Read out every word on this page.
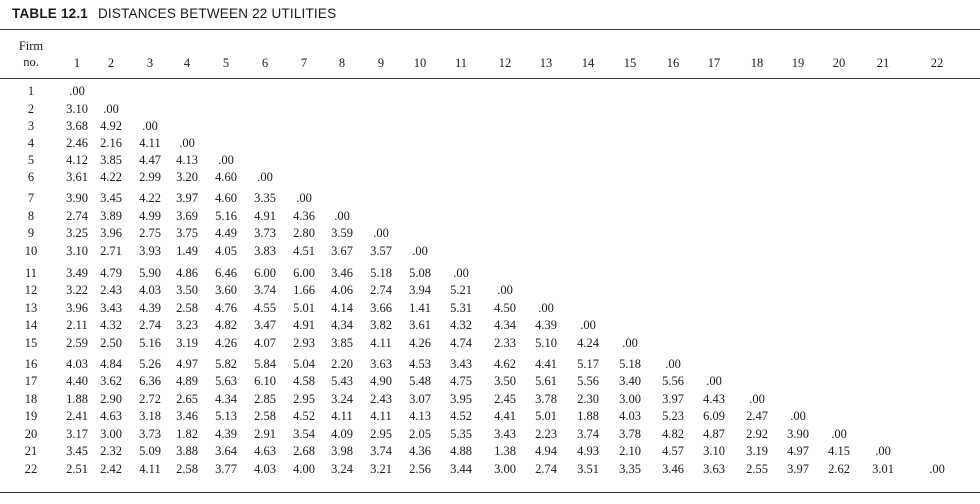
TABLE 12.1 DISTANCES BETWEEN 22 UTILITIES
Firm
no.	1	2	3	4	5	6	7	8	9	10	11	12	13	14	15	16	17	18	19	20	21	22
1	.00
2	3.10	.00
3	3.68 4.92	.00
4	2.46 2.16	4.11	.00
5	4.12 3.85	4.47	4.13	.00
6	3.61 4.22	2.99	3.20	4.60	.00
7	3.90 3.45	4.22	3.97	4.60	3.35	.00
8	2.74 3.89	4.99	3.69	5.16	4.91	4.36	.00
9	3.25 3.96	2.75	3.75	4.49	3.73	2.80	3.59	.00
10	3.10 2.71	3.93	1.49	4.05	3.83	4.51	3.67	3.57	.00
11	3.49 4.79	5.90	4.86	6.46	6.00	6.00	3.46	5.18	5.08	.00
12	3.22 2.43	4.03	3.50	3.60	3.74	1.66	4.06	2.74	3.94	5.21	.00
13	3.96 3.43	4.39	2.58	4.76	4.55	5.01	4.14	3.66	1.41	5.31	4.50	.00
14	2.11 4.32	2.74	3.23	4.82	3.47	4.91	4.34	3.82	3.61	4.32	4.34	4.39	.00
15	2.59 2.50	5.16	3.19	4.26	4.07	2.93	3.85	4.11	4.26	4.74	2.33	5.10	4.24	.00
16	4.03 4.84	5.26	4.97	5.82	5.84	5.04	2.20	3.63	4.53	3.43	4.62	4.41	5.17	5.18	.00
17	4.40 3.62	6.36	4.89	5.63	6.10	4.58	5.43	4.90	5.48	4.75	3.50	5.61	5.56	3.40	5.56	.00
18	1.88 2.90	2.72	2.65	4.34	2.85	2.95	3.24	2.43	3.07	3.95	2.45	3.78	2.30	3.00	3.97	4.43	.00
19	2.41 4.63	3.18	3.46	5.13	2.58	4.52	4.11	4.11	4.13	4.52	4.41	5.01	1.88	4.03	5.23	6.09	2.47	.00
20	3.17 3.00	3.73	1.82	4.39	2.91	3.54	4.09	2.95	2.05	5.35	3.43	2.23	3.74	3.78	4.82	4.87	2.92	3.90	.00
21	3.45 2.32	5.09	3.88	3.64	4.63	2.68	3.98	3.74	4.36	4.88	1.38	4.94	4.93	2.10	4.57	3.10	3.19	4.97	4.15	.00
22	2.51 2.42	4.11	2.58	3.77	4.03	4.00	3.24	3.21	2.56	3.44	3.00	2.74	3.51	3.35	3.46	3.63	2.55	3.97	2.62	3.01	.00
